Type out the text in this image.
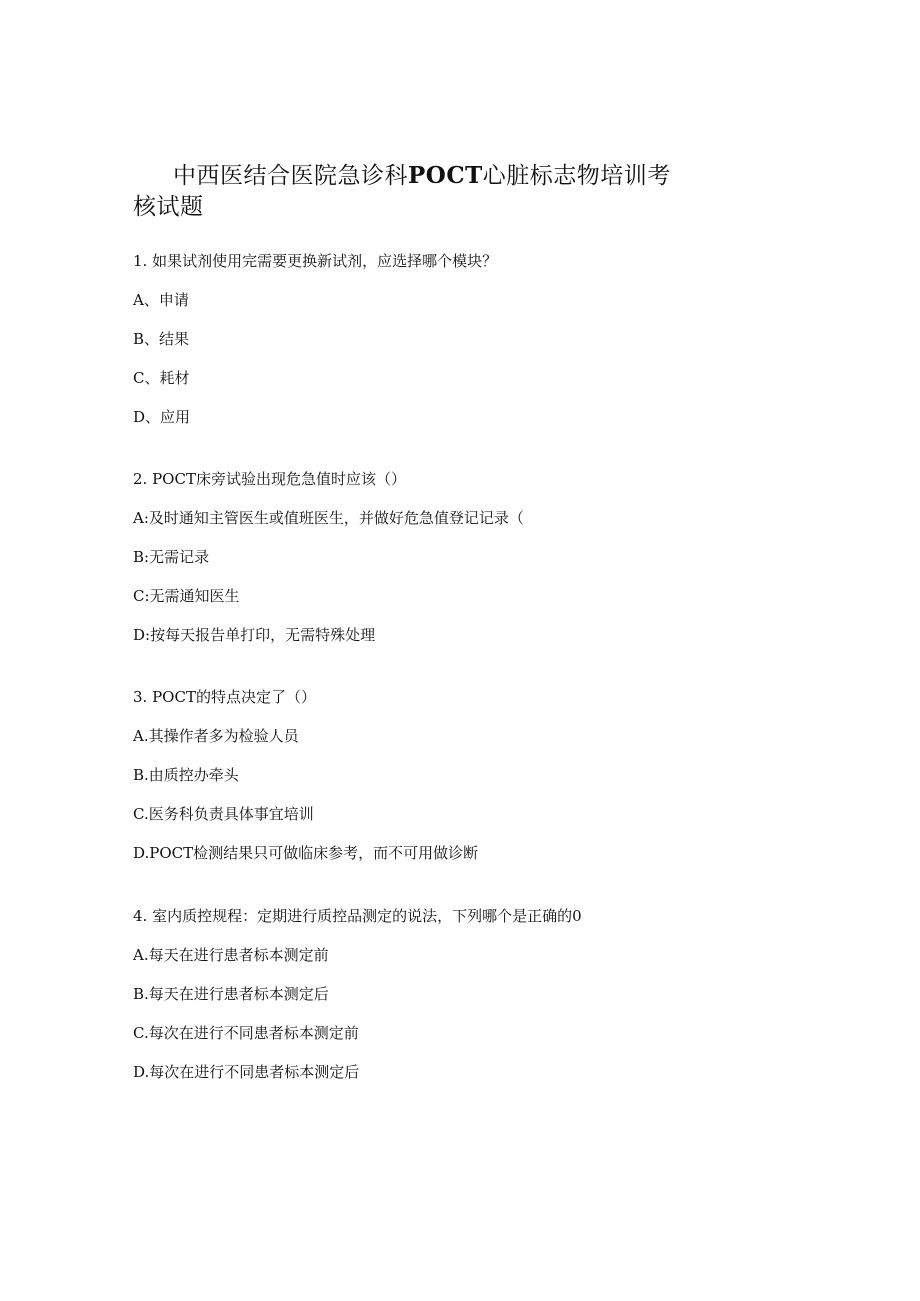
中西医结合医院急诊科POCT心脏标志物培训考核试题
1. 如果试剂使用完需要更换新试剂，应选择哪个模块？
A、申请
B、结果
C、耗材
D、应用
2. POCT床旁试验出现危急值时应该（）
A:及时通知主管医生或值班医生，并做好危急值登记记录（
B:无需记录
C:无需通知医生
D:按每天报告单打印，无需特殊处理
3. POCT的特点决定了（）
A.其操作者多为检验人员
B.由质控办牵头
C.医务科负责具体事宜培训
D.POCT检测结果只可做临床参考，而不可用做诊断
4. 室内质控规程：定期进行质控品测定的说法，下列哪个是正确的0
A.每天在进行患者标本测定前
B.每天在进行患者标本测定后
C.每次在进行不同患者标本测定前
D.每次在进行不同患者标本测定后
